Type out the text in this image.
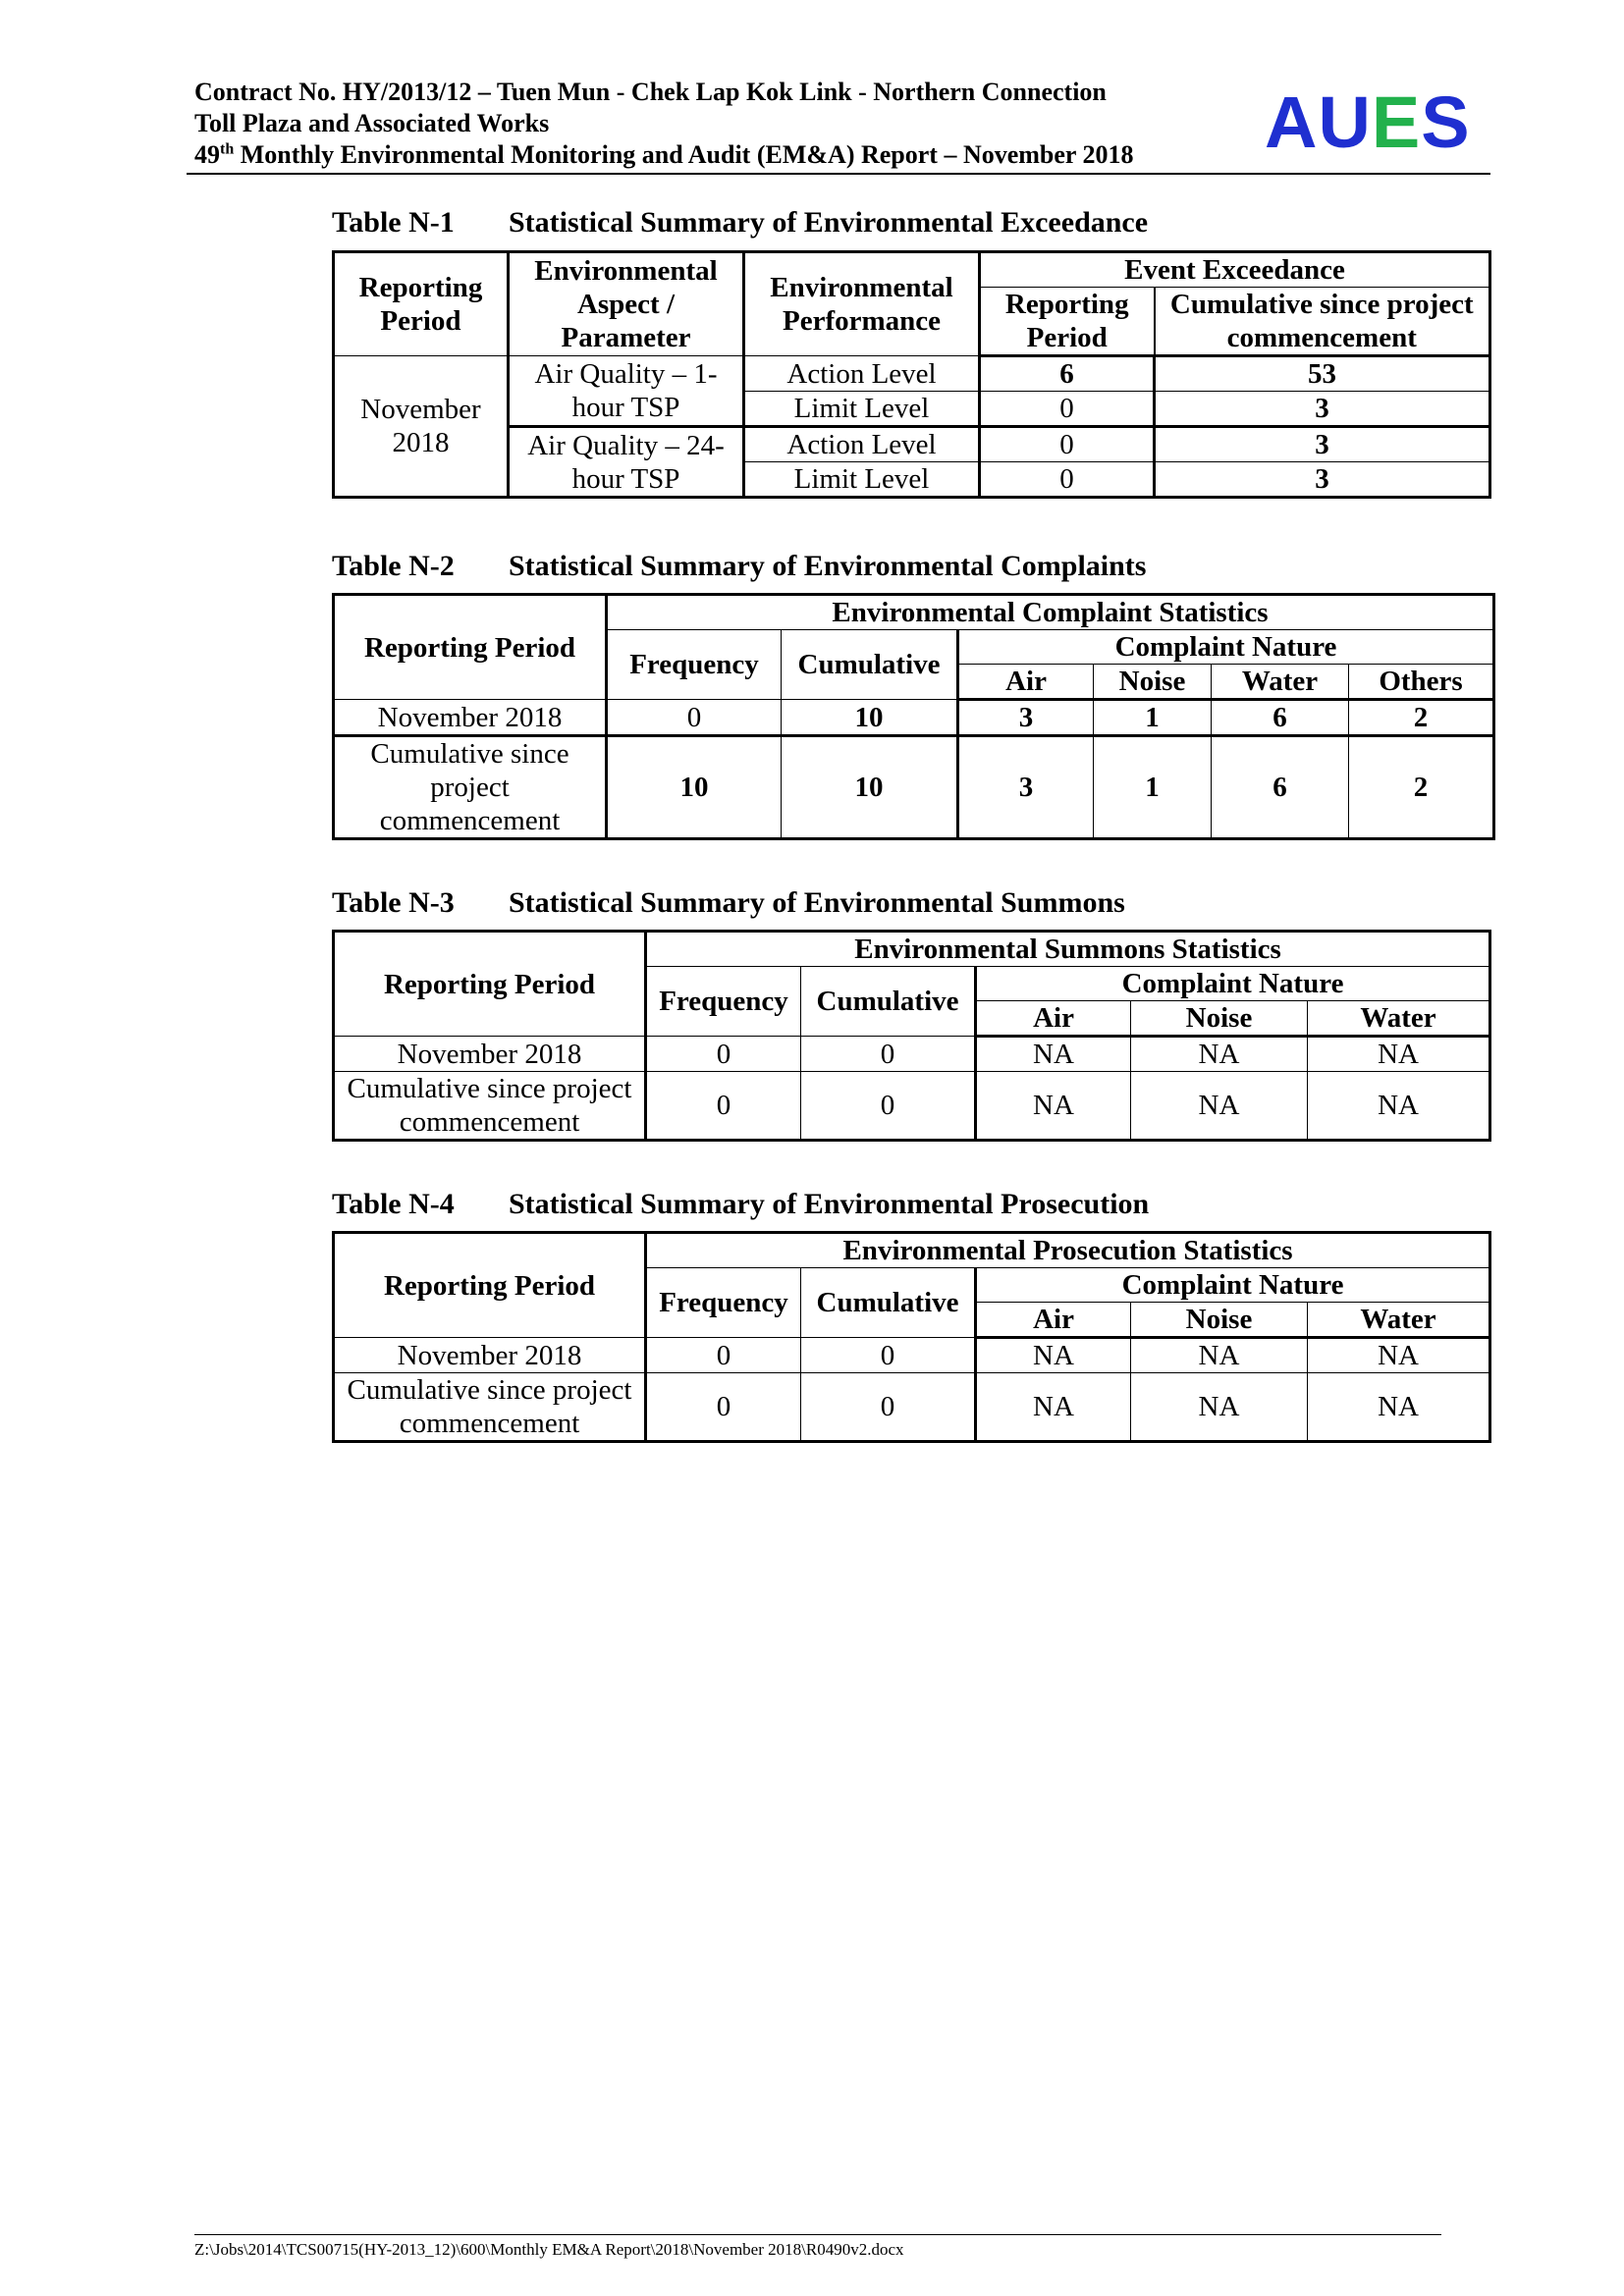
Contract No. HY/2013/12 – Tuen Mun - Chek Lap Kok Link - Northern Connection
Toll Plaza and Associated Works
49th Monthly Environmental Monitoring and Audit (EM&A) Report – November 2018 AUES
Table N-1 Statistical Summary of Environmental Exceedance
Reporting Period	Environmental Aspect / Parameter	Environmental Performance	Event Exceedance	
			Reporting Period	Cumulative since project commencement
November 2018	Air Quality – 1-hour TSP	Action Level	6	53
		Limit Level	0	3
	Air Quality – 24-hour TSP	Action Level	0	3
		Limit Level	0	3
Table N-2 Statistical Summary of Environmental Complaints
Reporting Period	Environmental Complaint Statistics					
	Frequency	Cumulative	Complaint Nature			
			Air	Noise	Water	Others
November 2018	0	10	3	1	6	2
Cumulative since project commencement	10	10	3	1	6	2
Table N-3 Statistical Summary of Environmental Summons
Reporting Period	Environmental Summons Statistics				
	Frequency	Cumulative	Complaint Nature		
			Air	Noise	Water
November 2018	0	0	NA	NA	NA
Cumulative since project commencement	0	0	NA	NA	NA
Table N-4 Statistical Summary of Environmental Prosecution
Reporting Period	Environmental Prosecution Statistics				
	Frequency	Cumulative	Complaint Nature		
			Air	Noise	Water
November 2018	0	0	NA	NA	NA
Cumulative since project commencement	0	0	NA	NA	NA
Z:\Jobs\2014\TCS00715(HY-2013_12)\600\Monthly EM&A Report\2018\November 2018\R0490v2.docx
